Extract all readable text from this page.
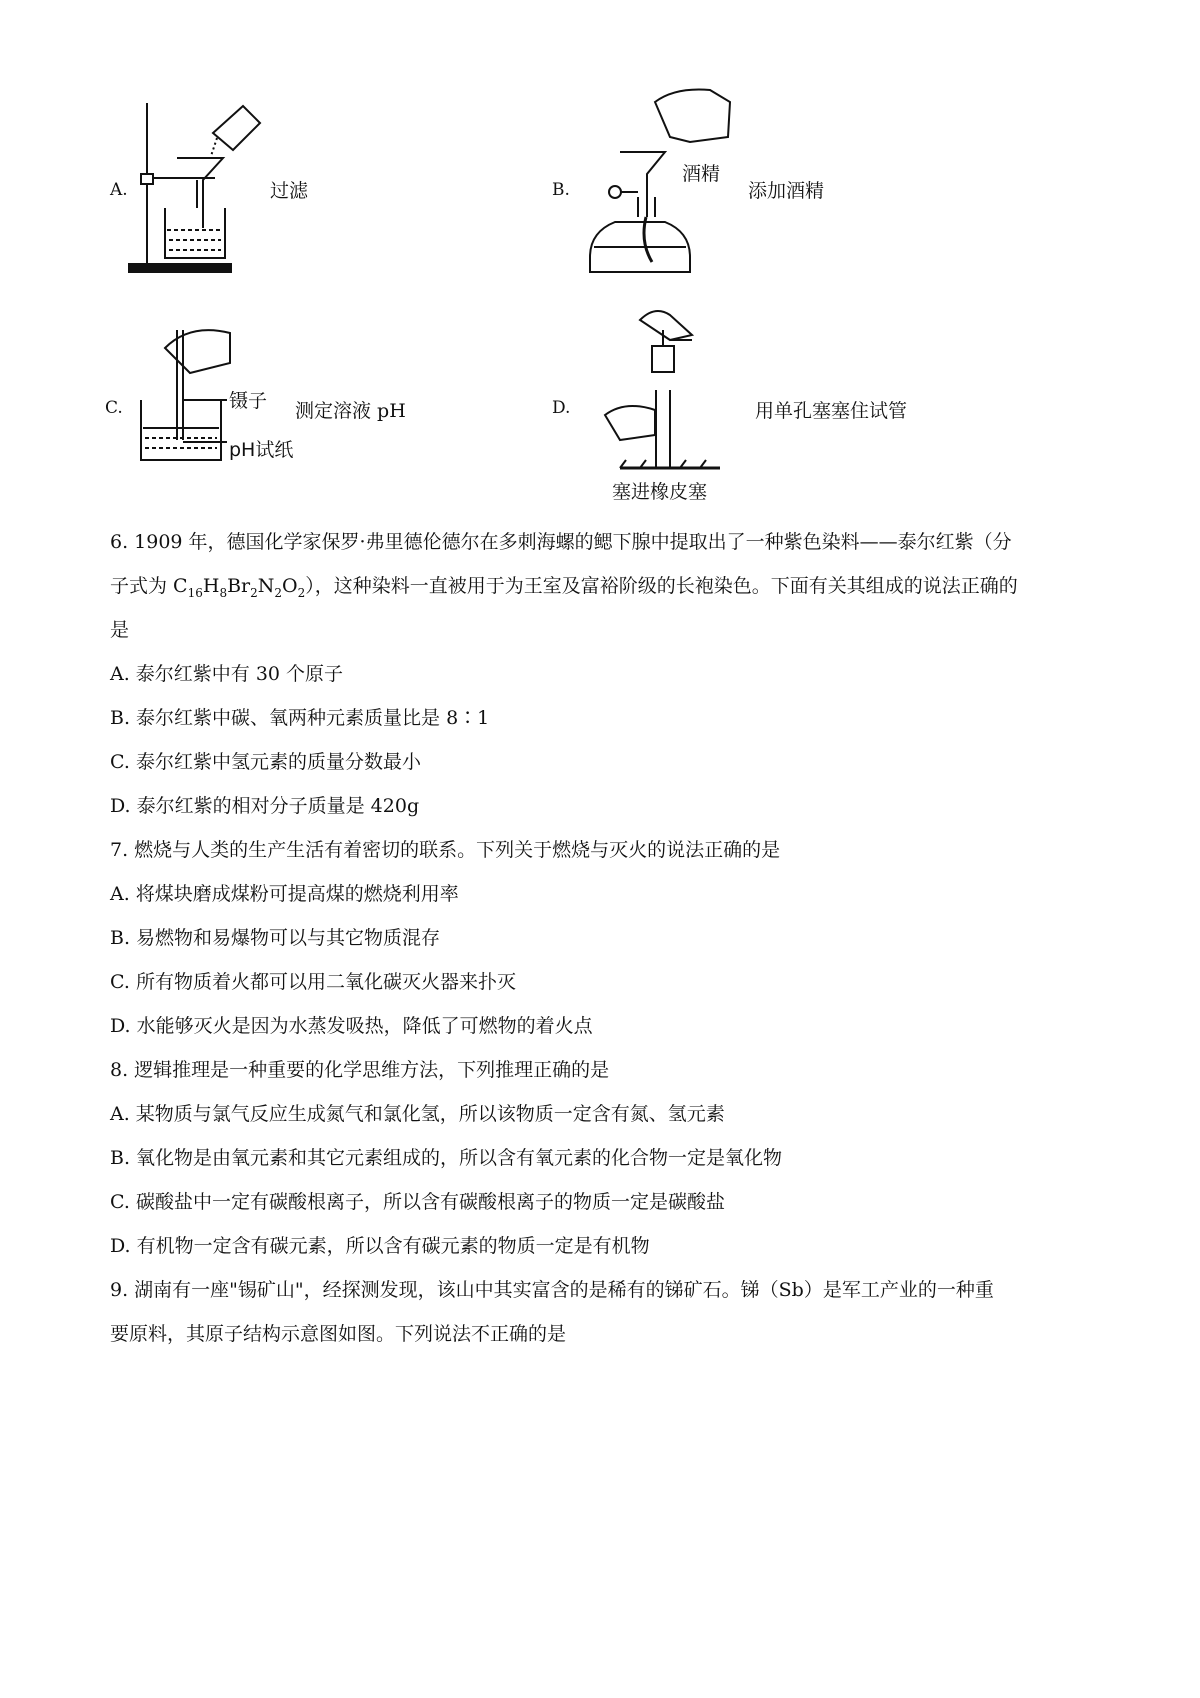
A.	过滤	B.
酒精
添加酒精
C.	镊子
pH试纸
测定溶液 pH	D.
塞进橡皮塞
用单孔塞塞住试管
6. 1909 年，德国化学家保罗·弗里德伦德尔在多刺海螺的鳃下腺中提取出了一种紫色染料——泰尔红紫（分
子式为 $C_{16}H_8Br_2N_2O_2$），这种染料一直被用于为王室及富裕阶级的长袍染色。下面有关其组成的说法正确的
是
A. 泰尔红紫中有 30 个原子
B. 泰尔红紫中碳、氧两种元素质量比是 8∶1
C. 泰尔红紫中氢元素的质量分数最小
D. 泰尔红紫的相对分子质量是 420g
7. 燃烧与人类的生产生活有着密切的联系。下列关于燃烧与灭火的说法正确的是
A. 将煤块磨成煤粉可提高煤的燃烧利用率
B. 易燃物和易爆物可以与其它物质混存
C. 所有物质着火都可以用二氧化碳灭火器来扑灭
D. 水能够灭火是因为水蒸发吸热，降低了可燃物的着火点
8. 逻辑推理是一种重要的化学思维方法，下列推理正确的是
A. 某物质与氯气反应生成氮气和氯化氢，所以该物质一定含有氮、氢元素
B. 氧化物是由氧元素和其它元素组成的，所以含有氧元素的化合物一定是氧化物
C. 碳酸盐中一定有碳酸根离子，所以含有碳酸根离子的物质一定是碳酸盐
D. 有机物一定含有碳元素，所以含有碳元素的物质一定是有机物
9. 湖南有一座"锡矿山"，经探测发现，该山中其实富含的是稀有的锑矿石。锑（Sb）是军工产业的一种重
要原料，其原子结构示意图如图。下列说法不正确的是
